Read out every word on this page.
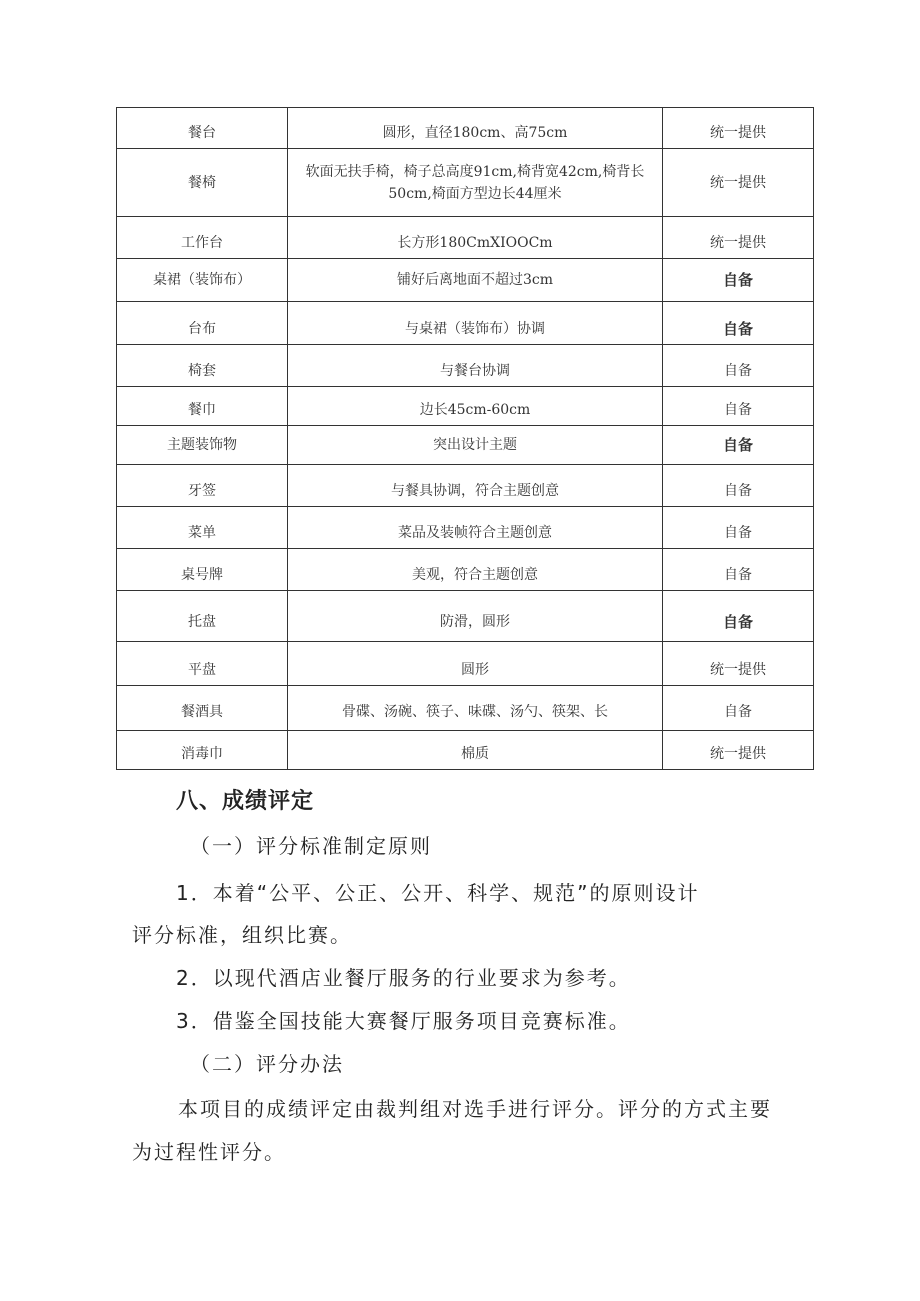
餐台	圆形，直径180cm、高75cm	统一提供
餐椅	软面无扶手椅，椅子总高度91cm,椅背宽42cm,椅背长50cm,椅面方型边长44厘米	统一提供
工作台	长方形180CmXIOOCm	统一提供
桌裙（装饰布）	铺好后离地面不超过3cm	自备
台布	与桌裙（装饰布）协调	自备
椅套	与餐台协调	自备
餐巾	边长45cm-60cm	自备
主题装饰物	突出设计主题	自备
牙签	与餐具协调，符合主题创意	自备
菜单	菜品及装帧符合主题创意	自备
桌号牌	美观，符合主题创意	自备
托盘	防滑，圆形	自备
平盘	圆形	统一提供
餐酒具	骨碟、汤碗、筷子、味碟、汤勺、筷架、长	自备
消毒巾	棉质	统一提供
八、成绩评定
（一）评分标准制定原则
1．本着“公平、公正、公开、科学、规范”的原则设计
评分标准，组织比赛。
2．以现代酒店业餐厅服务的行业要求为参考。
3．借鉴全国技能大赛餐厅服务项目竞赛标准。
（二）评分办法
本项目的成绩评定由裁判组对选手进行评分。评分的方式主要
为过程性评分。
